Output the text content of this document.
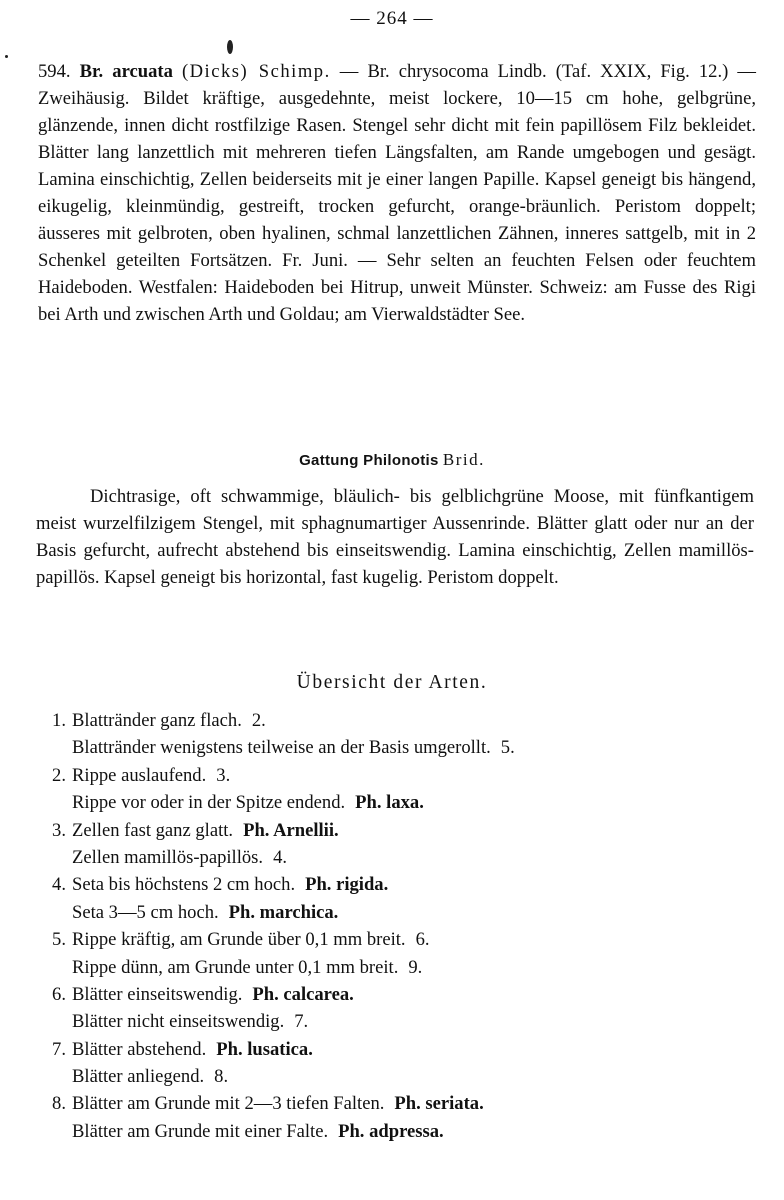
— 264 —

594. Br. arcuata (Dicks) Schimp. — Br. chrysocoma Lindb. (Taf. XXIX, Fig. 12.) — Zweihäusig. Bildet kräftige, ausgedehnte, meist lockere, 10—15 cm hohe, gelbgrüne, glänzende, innen dicht rostfilzige Rasen. Stengel sehr dicht mit fein papillösem Filz bekleidet. Blätter lang lanzettlich mit mehreren tiefen Längsfalten, am Rande umgebogen und gesägt. Lamina einschichtig, Zellen beiderseits mit je einer langen Papille. Kapsel geneigt bis hängend, eikugelig, kleinmündig, gestreift, trocken gefurcht, orange-bräunlich. Peristom doppelt; äusseres mit gelbroten, oben hyalinen, schmal lanzettlichen Zähnen, inneres sattgelb, mit in 2 Schenkel geteilten Fortsätzen. Fr. Juni. — Sehr selten an feuchten Felsen oder feuchtem Haideboden. Westfalen: Haideboden bei Hitrup, unweit Münster. Schweiz: am Fusse des Rigi bei Arth und zwischen Arth und Goldau; am Vierwaldstädter See.

Gattung Philonotis Brid.

Dichtrasige, oft schwammige, bläulich- bis gelblichgrüne Moose, mit fünfkantigem meist wurzelfilzigem Stengel, mit sphagnumartiger Aussenrinde. Blätter glatt oder nur an der Basis gefurcht, aufrecht abstehend bis einseitswendig. Lamina einschichtig, Zellen mamillös-papillös. Kapsel geneigt bis horizontal, fast kugelig. Peristom doppelt.

Übersicht der Arten.
1. Blattränder ganz flach. 2.
Blattränder wenigstens teilweise an der Basis umgerollt. 5.
2. Rippe auslaufend. 3.
Rippe vor oder in der Spitze endend. Ph. laxa.
3. Zellen fast ganz glatt. Ph. Arnellii.
Zellen mamillös-papillös. 4.
4. Seta bis höchstens 2 cm hoch. Ph. rigida.
Seta 3—5 cm hoch. Ph. marchica.
5. Rippe kräftig, am Grunde über 0,1 mm breit. 6.
Rippe dünn, am Grunde unter 0,1 mm breit. 9.
6. Blätter einseitswendig. Ph. calcarea.
Blätter nicht einseitswendig. 7.
7. Blätter abstehend. Ph. lusatica.
Blätter anliegend. 8.
8. Blätter am Grunde mit 2—3 tiefen Falten. Ph. seriata.
Blätter am Grunde mit einer Falte. Ph. adpressa.
